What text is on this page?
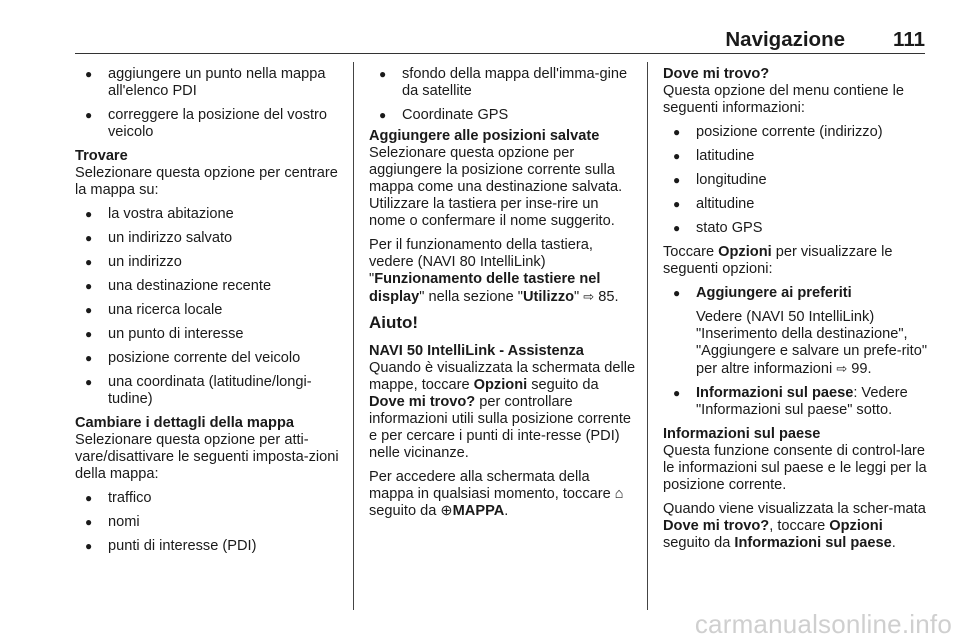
Navigazione 111
● aggiungere un punto nella mappa all'elenco PDI
● correggere la posizione del vostro veicolo

Trovare

Selezionare questa opzione per centrare la mappa su:

● la vostra abitazione
● un indirizzo salvato
● un indirizzo
● una destinazione recente
● una ricerca locale
● un punto di interesse
● posizione corrente del veicolo
● una coordinata (latitudine/longi-tudine)

Cambiare i dettagli della mappa

Selezionare questa opzione per atti-vare/disattivare le seguenti imposta-zioni della mappa:

● traffico
● nomi
● punti di interesse (PDI)
● sfondo della mappa dell'imma-gine da satellite
● Coordinate GPS

Aggiungere alle posizioni salvate

Selezionare questa opzione per aggiungere la posizione corrente sulla mappa come una destinazione salvata. Utilizzare la tastiera per inse-rire un nome o confermare il nome suggerito.

Per il funzionamento della tastiera, vedere (NAVI 80 IntelliLink) "Funzionamento delle tastiere nel display" nella sezione "Utilizzo" ⇨ 85.

Aiuto!

NAVI 50 IntelliLink - Assistenza

Quando è visualizzata la schermata delle mappe, toccare Opzioni seguito da Dove mi trovo? per controllare informazioni utili sulla posizione corrente e per cercare i punti di inte-resse (PDI) nelle vicinanze.

Per accedere alla schermata della mappa in qualsiasi momento, toccare ⌂ seguito da ⊕MAPPA.

Dove mi trovo?

Questa opzione del menu contiene le seguenti informazioni:

● posizione corrente (indirizzo)
● latitudine
● longitudine
● altitudine
● stato GPS

Toccare Opzioni per visualizzare le seguenti opzioni:

● Aggiungere ai preferiti
Vedere (NAVI 50 IntelliLink) "Inserimento della destinazione", "Aggiungere e salvare un prefe-rito" per altre informazioni ⇨ 99.
● Informazioni sul paese: Vedere "Informazioni sul paese" sotto.

Informazioni sul paese

Questa funzione consente di control-lare le informazioni sul paese e le leggi per la posizione corrente.

Quando viene visualizzata la scher-mata Dove mi trovo?, toccare Opzioni seguito da Informazioni sul paese.

carmanualsonline.info
